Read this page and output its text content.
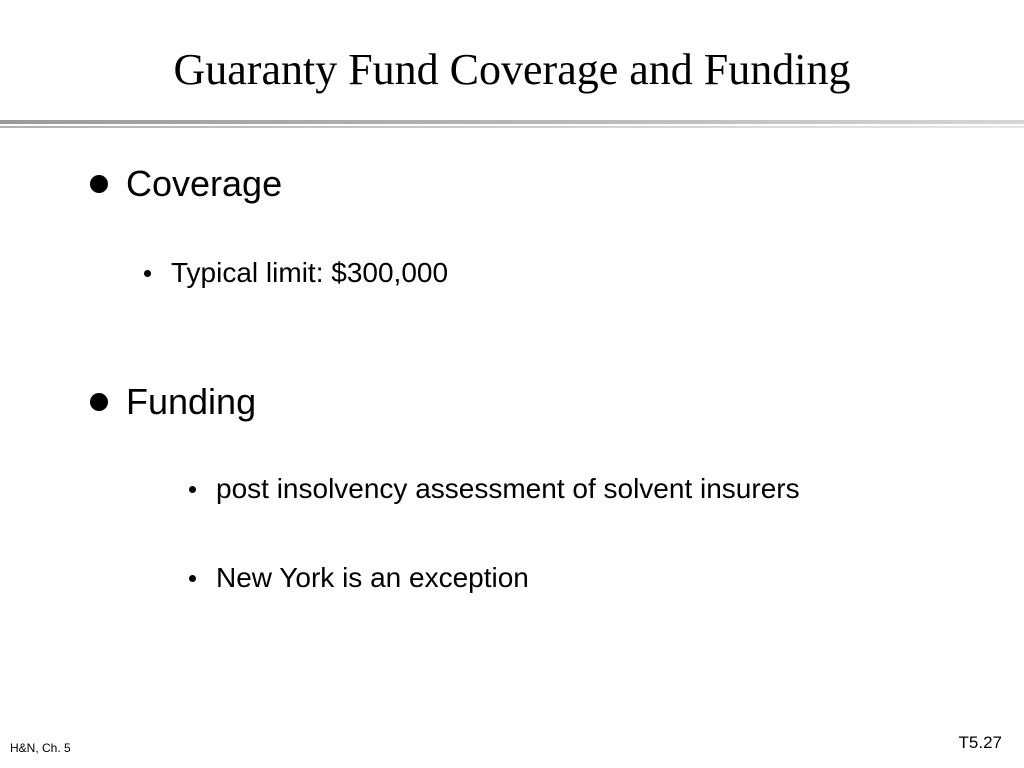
Guaranty Fund Coverage and Funding
Coverage
Typical limit: $300,000
Funding
post insolvency assessment of solvent insurers
New York is an exception
H&N, Ch. 5	T5.27
